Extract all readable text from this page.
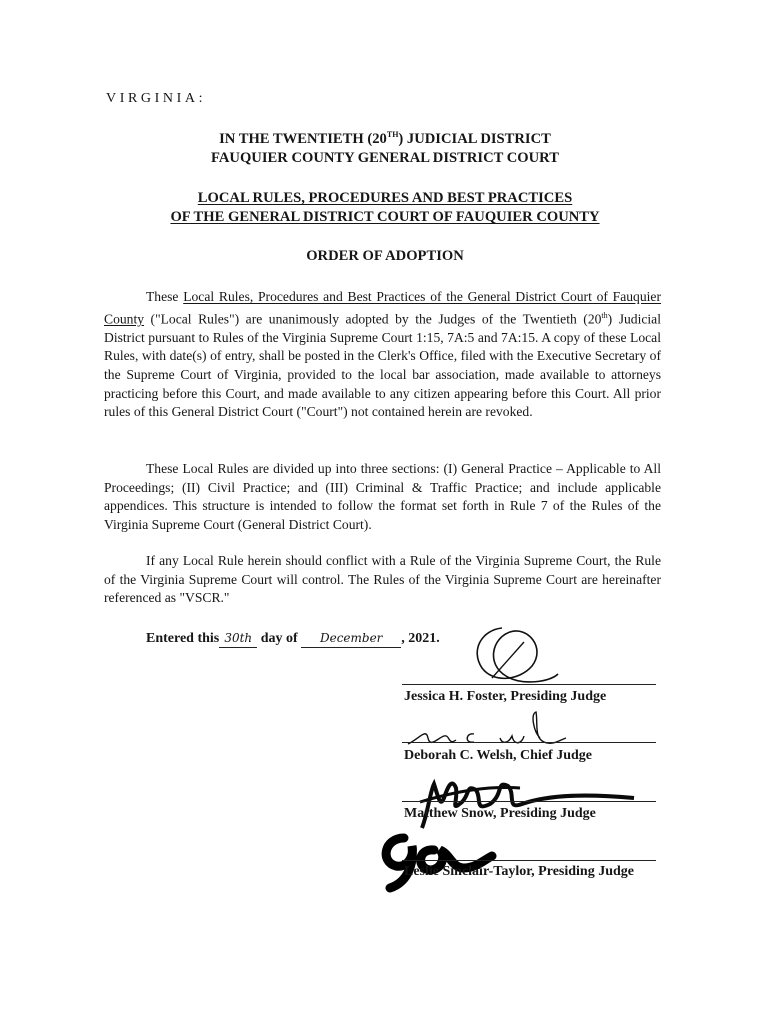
VIRGINIA:
IN THE TWENTIETH (20TH) JUDICIAL DISTRICT
FAUQUIER COUNTY GENERAL DISTRICT COURT
LOCAL RULES, PROCEDURES AND BEST PRACTICES
OF THE GENERAL DISTRICT COURT OF FAUQUIER COUNTY
ORDER OF ADOPTION

These Local Rules, Procedures and Best Practices of the General District Court of Fauquier County ("Local Rules") are unanimously adopted by the Judges of the Twentieth (20th) Judicial District pursuant to Rules of the Virginia Supreme Court 1:15, 7A:5 and 7A:15. A copy of these Local Rules, with date(s) of entry, shall be posted in the Clerk's Office, filed with the Executive Secretary of the Supreme Court of Virginia, provided to the local bar association, made available to attorneys practicing before this Court, and made available to any citizen appearing before this Court. All prior rules of this General District Court ("Court") not contained herein are revoked.

These Local Rules are divided up into three sections: (I) General Practice – Applicable to All Proceedings; (II) Civil Practice; and (III) Criminal & Traffic Practice; and include applicable appendices. This structure is intended to follow the format set forth in Rule 7 of the Rules of the Virginia Supreme Court (General District Court).

If any Local Rule herein should conflict with a Rule of the Virginia Supreme Court, the Rule of the Virginia Supreme Court will control. The Rules of the Virginia Supreme Court are hereinafter referenced as "VSCR."

Entered this 30th day of December , 2021.
Jessica H. Foster, Presiding Judge
Deborah C. Welsh, Chief Judge
Matthew Snow, Presiding Judge
Leslie Sinclair-Taylor, Presiding Judge
